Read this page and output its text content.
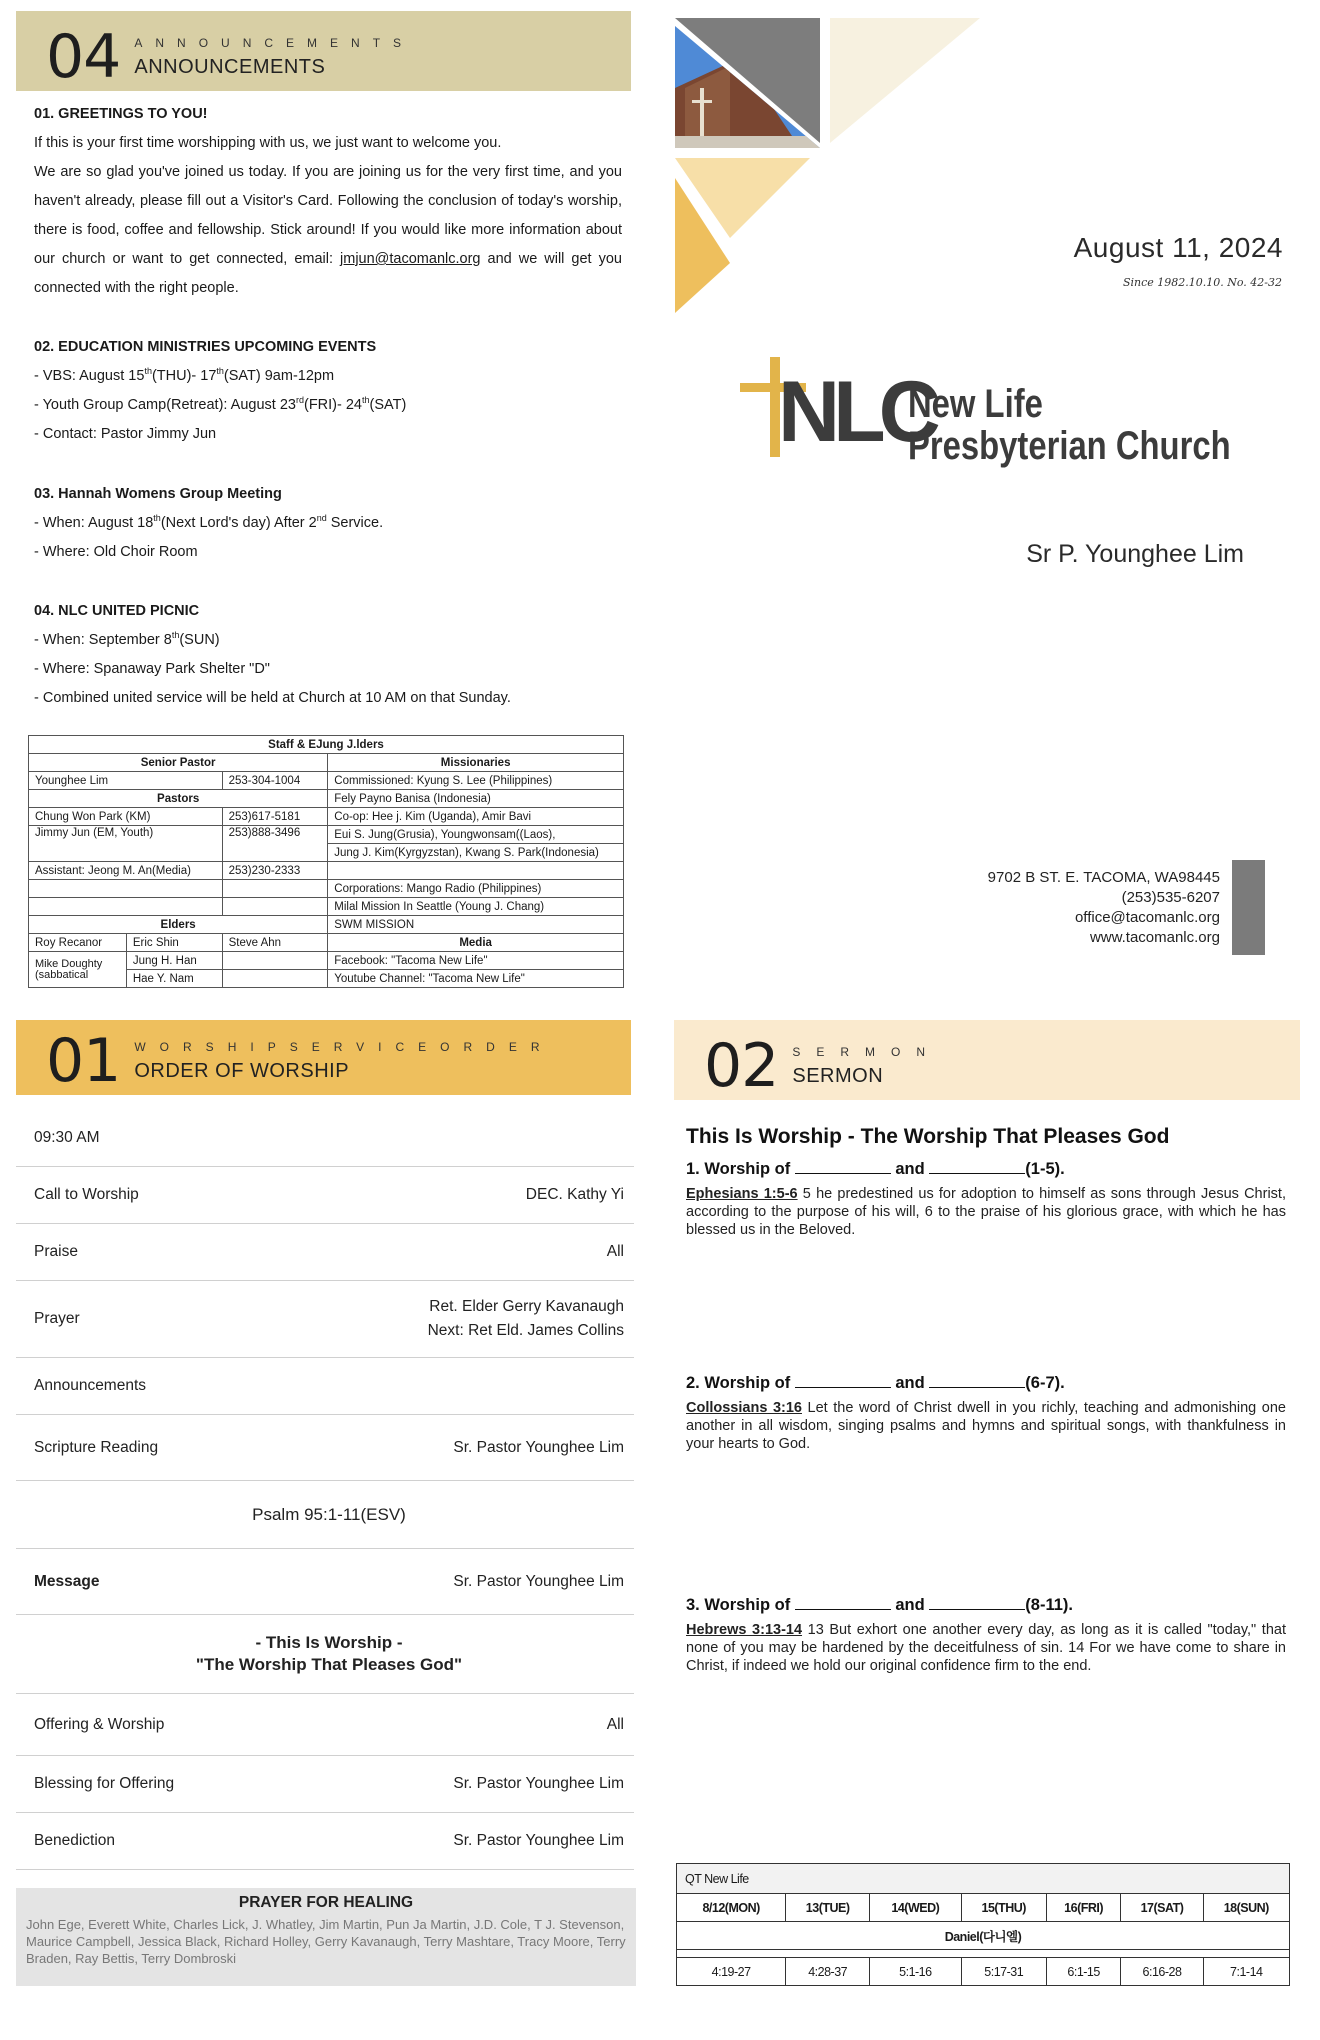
04 ANNOUNCEMENTS
ANNOUNCEMENTS
01. GREETINGS TO YOU!

If this is your first time worshipping with us, we just want to welcome you.

We are so glad you've joined us today. If you are joining us for the very first time, and you haven't already, please fill out a Visitor's Card. Following the conclusion of today's worship, there is food, coffee and fellowship. Stick around! If you would like more information about our church or want to get connected, email: jmjun@tacomanlc.org and we will get you connected with the right people.

02. EDUCATION MINISTRIES UPCOMING EVENTS
- VBS: August 15th(THU)- 17th(SAT) 9am-12pm
- Youth Group Camp(Retreat): August 23rd(FRI)- 24th(SAT)
- Contact: Pastor Jimmy Jun
03. Hannah Womens Group Meeting
- When: August 18th(Next Lord's day) After 2nd Service.
- Where: Old Choir Room
04. NLC UNITED PICNIC
- When: September 8th(SUN)
- Where: Spanaway Park Shelter "D"
- Combined united service will be held at Church at 10 AM on that Sunday.
Staff & EJung J.lders			
Senior Pastor			Missionaries
Younghee Lim		253-304-1004	Commissioned: Kyung S. Lee (Philippines)
Pastors			Fely Payno Banisa (Indonesia)
Chung Won Park (KM)		253)617-5181	Co-op: Hee j. Kim (Uganda), Amir Bavi
Jimmy Jun (EM, Youth)		253)888-3496	Eui S. Jung(Grusia), Youngwonsam((Laos),
			Jung J. Kim(Kyrgyzstan), Kwang S. Park(Indonesia)
Assistant: Jeong M. An(Media)		253)230-2333	
			Corporations: Mango Radio (Philippines)
			Milal Mission In Seattle (Young J. Chang)
Elders			SWM MISSION
Roy Recanor	Eric Shin	Steve Ahn	Media
Mike Doughty (sabbatical	Jung H. Han		Facebook: "Tacoma New Life"
	Hae Y. Nam		Youtube Channel: "Tacoma New Life"
August 11, 2024
Since 1982.10.10. No. 42-32
NLC
New Life
Presbyterian Church
Sr P. Younghee Lim
9702 B ST. E. TACOMA, WA98445
(253)535-6207
office@tacomanlc.org
www.tacomanlc.org
01 WORSHIPSERVICEORDER
ORDER OF WORSHIP
09:30 AM
Call to Worship	DEC. Kathy Yi
Praise	All
Prayer
Ret. Elder Gerry Kavanaugh
Next: Ret Eld. James Collins
Announcements
Scripture Reading	Sr. Pastor Younghee Lim
Psalm 95:1-11(ESV)
Message	Sr. Pastor Younghee Lim
- This Is Worship -
"The Worship That Pleases God"
Offering & Worship	All
Blessing for Offering	Sr. Pastor Younghee Lim
Benediction	Sr. Pastor Younghee Lim
PRAYER FOR HEALING
John Ege, Everett White, Charles Lick, J. Whatley, Jim Martin, Pun Ja Martin, J.D. Cole, T J. Stevenson, Maurice Campbell, Jessica Black, Richard Holley, Gerry Kavanaugh, Terry Mashtare, Tracy Moore, Terry Braden, Ray Bettis, Terry Dombroski
02 SERMON
SERMON
This Is Worship - The Worship That Pleases God
1. Worship of	and	(1-5).
Ephesians 1:5-6 5 he predestined us for adoption to himself as sons through Jesus Christ, according to the purpose of his will, 6 to the praise of his glorious grace, with which he has blessed us in the Beloved.
2. Worship of	and	(6-7).
Collossians 3:16 Let the word of Christ dwell in you richly, teaching and admonishing one another in all wisdom, singing psalms and hymns and spiritual songs, with thankfulness in your hearts to God.
3. Worship of	and	(8-11).
Hebrews 3:13-14 13 But exhort one another every day, as long as it is called "today," that none of you may be hardened by the deceitfulness of sin. 14 For we have come to share in Christ, if indeed we hold our original confidence firm to the end.
QT New Life						
8/12(MON)	13(TUE)	14(WED)	15(THU)	16(FRI)	17(SAT)	18(SUN)
Daniel(다니엘)						

4:19-27	4:28-37	5:1-16	5:17-31	6:1-15	6:16-28	7:1-14
